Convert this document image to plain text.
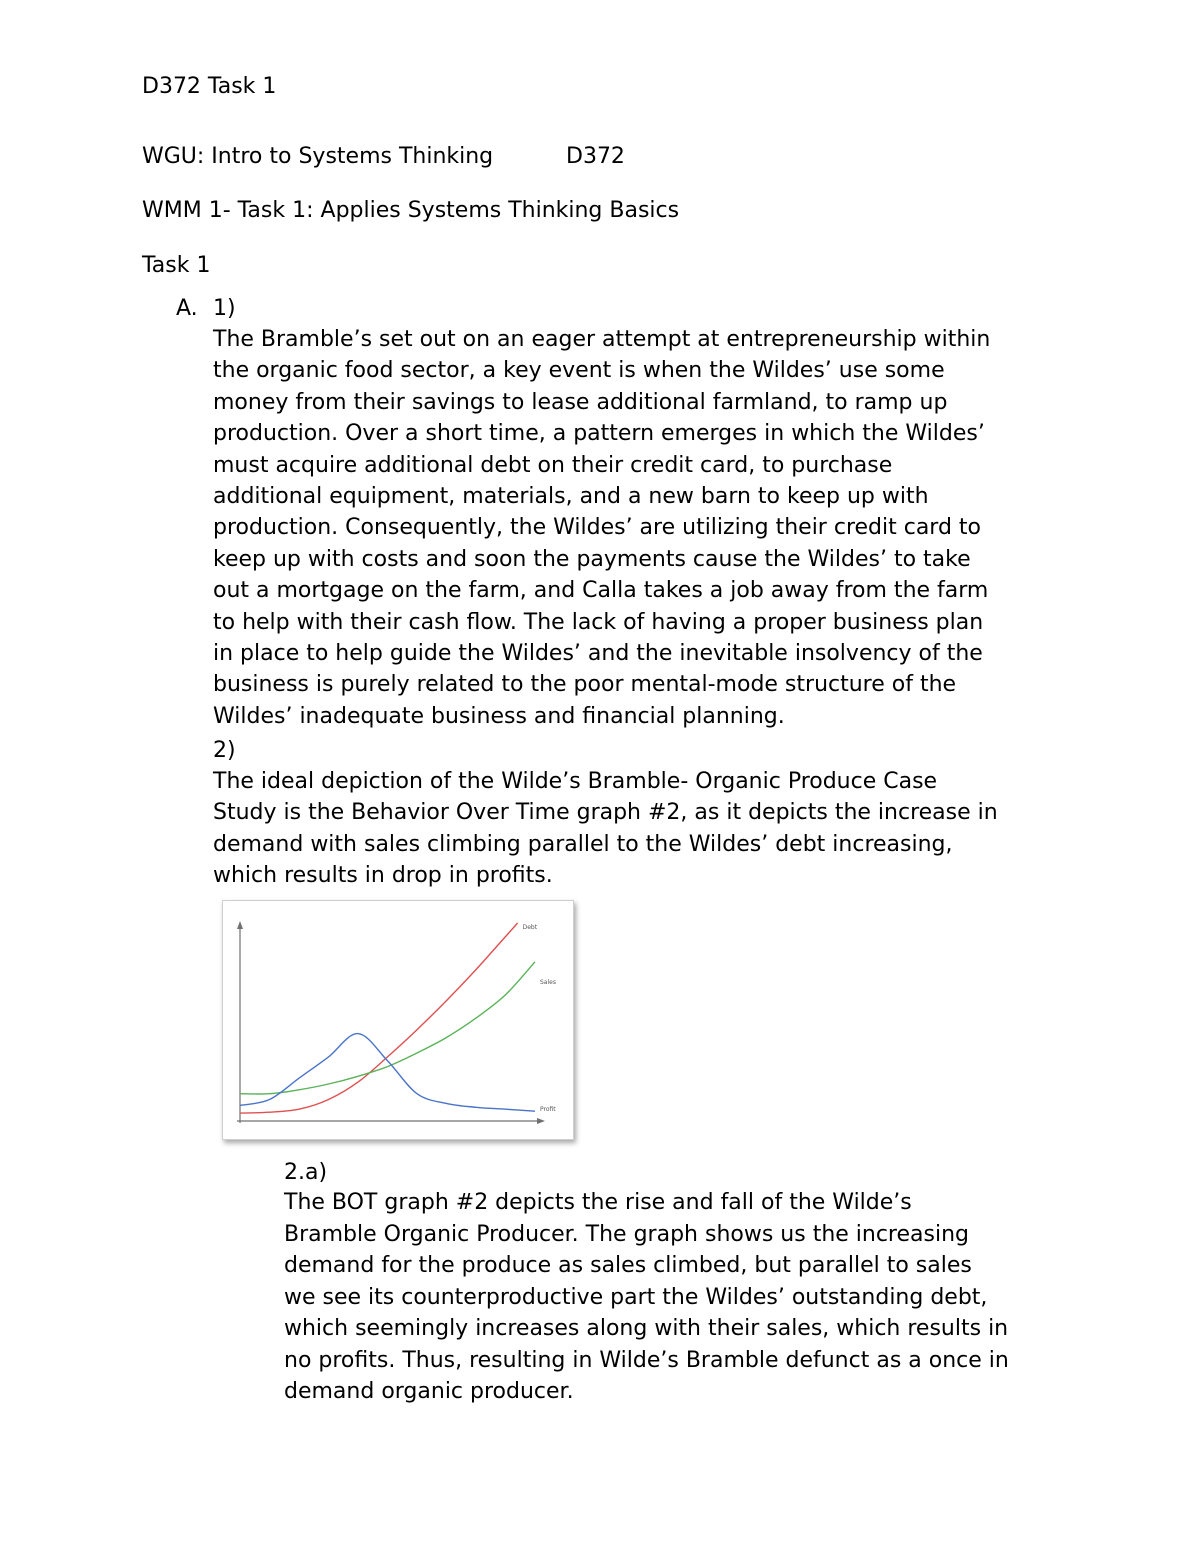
D372 Task 1
WGU: Intro to Systems Thinking	D372
WMM 1- Task 1: Applies Systems Thinking Basics
Task 1
A. 1)
The Bramble’s set out on an eager attempt at entrepreneurship within
the organic food sector, a key event is when the Wildes’ use some
money from their savings to lease additional farmland, to ramp up
production. Over a short time, a pattern emerges in which the Wildes’
must acquire additional debt on their credit card, to purchase
additional equipment, materials, and a new barn to keep up with
production. Consequently, the Wildes’ are utilizing their credit card to
keep up with costs and soon the payments cause the Wildes’ to take
out a mortgage on the farm, and Calla takes a job away from the farm
to help with their cash flow. The lack of having a proper business plan
in place to help guide the Wildes’ and the inevitable insolvency of the
business is purely related to the poor mental-mode structure of the
Wildes’ inadequate business and financial planning.
2)
The ideal depiction of the Wilde’s Bramble- Organic Produce Case
Study is the Behavior Over Time graph #2, as it depicts the increase in
demand with sales climbing parallel to the Wildes’ debt increasing,
which results in drop in profits.
Debt
Sales
Profit
2.a)
The BOT graph #2 depicts the rise and fall of the Wilde’s
Bramble Organic Producer. The graph shows us the increasing
demand for the produce as sales climbed, but parallel to sales
we see its counterproductive part the Wildes’ outstanding debt,
which seemingly increases along with their sales, which results in
no profits. Thus, resulting in Wilde’s Bramble defunct as a once in
demand organic producer.
